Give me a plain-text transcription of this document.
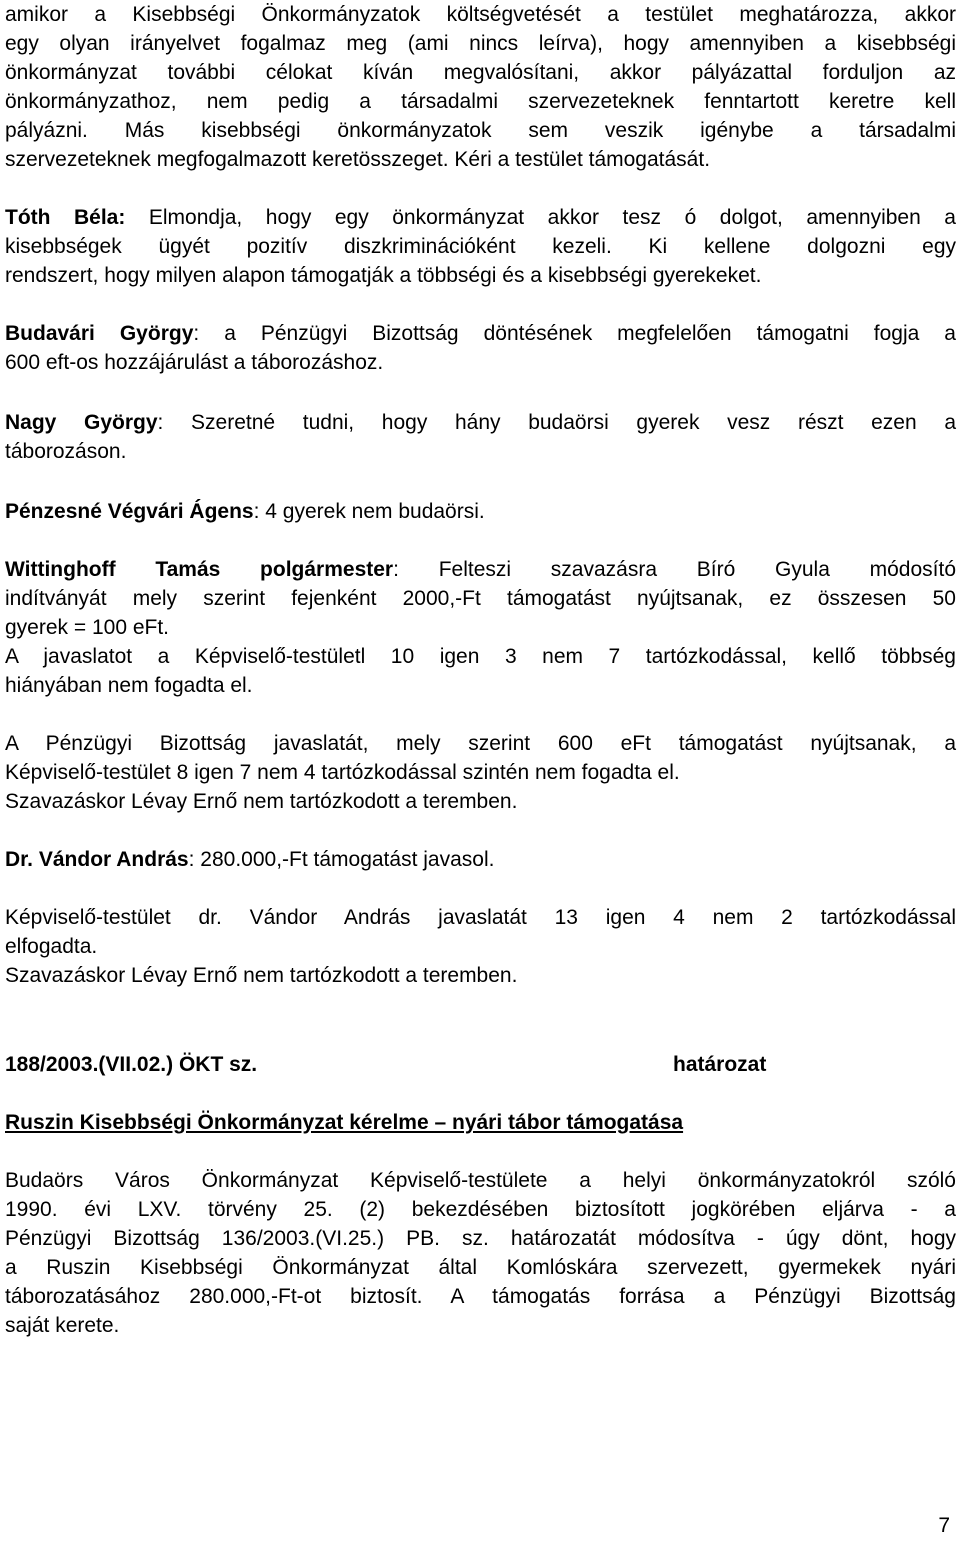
amikor a Kisebbségi Önkormányzatok költségvetését a testület meghatározza, akkor
egy olyan irányelvet fogalmaz meg (ami nincs leírva), hogy amennyiben a kisebbségi
önkormányzat további célokat kíván megvalósítani, akkor pályázattal forduljon az
önkormányzathoz, nem pedig a társadalmi szervezeteknek fenntartott keretre kell
pályázni. Más kisebbségi önkormányzatok sem veszik igénybe a társadalmi
szervezeteknek megfogalmazott keretösszeget. Kéri a testület támogatását.
Tóth Béla: Elmondja, hogy egy önkormányzat akkor tesz ó dolgot, amennyiben a
kisebbségek ügyét pozitív diszkriminációként kezeli. Ki kellene dolgozni egy
rendszert, hogy milyen alapon támogatják a többségi és a kisebbségi gyerekeket.
Budavári György: a Pénzügyi Bizottság döntésének megfelelően támogatni fogja a
600 eft-os hozzájárulást a táborozáshoz.
Nagy György: Szeretné tudni, hogy hány budaörsi gyerek vesz részt ezen a
táborozáson.
Pénzesné Végvári Ágens: 4 gyerek nem budaörsi.
Wittinghoff Tamás polgármester: Felteszi szavazásra Bíró Gyula módosító
indítványát mely szerint fejenként 2000,-Ft támogatást nyújtsanak, ez összesen 50
gyerek = 100 eFt.
A javaslatot a Képviselő-testületl 10 igen 3 nem 7 tartózkodással, kellő többség
hiányában nem fogadta el.
A Pénzügyi Bizottság javaslatát, mely szerint 600 eFt támogatást nyújtsanak, a
Képviselő-testület 8 igen 7 nem 4 tartózkodással szintén nem fogadta el.
Szavazáskor Lévay Ernő nem tartózkodott a teremben.
Dr. Vándor András: 280.000,-Ft támogatást javasol.
Képviselő-testület dr. Vándor András javaslatát 13 igen 4 nem 2 tartózkodással
elfogadta.
Szavazáskor Lévay Ernő nem tartózkodott a teremben.
188/2003.(VII.02.) ÖKT sz.	határozat
Ruszin Kisebbségi Önkormányzat kérelme – nyári tábor támogatása
Budaörs Város Önkormányzat Képviselő-testülete a helyi önkormányzatokról szóló
1990. évi LXV. törvény 25. (2) bekezdésében biztosított jogkörében eljárva - a
Pénzügyi Bizottság 136/2003.(VI.25.) PB. sz. határozatát módosítva - úgy dönt, hogy
a Ruszin Kisebbségi Önkormányzat által Komlóskára szervezett, gyermekek nyári
táborozatásához 280.000,-Ft-ot biztosít. A támogatás forrása a Pénzügyi Bizottság
saját kerete.
7
